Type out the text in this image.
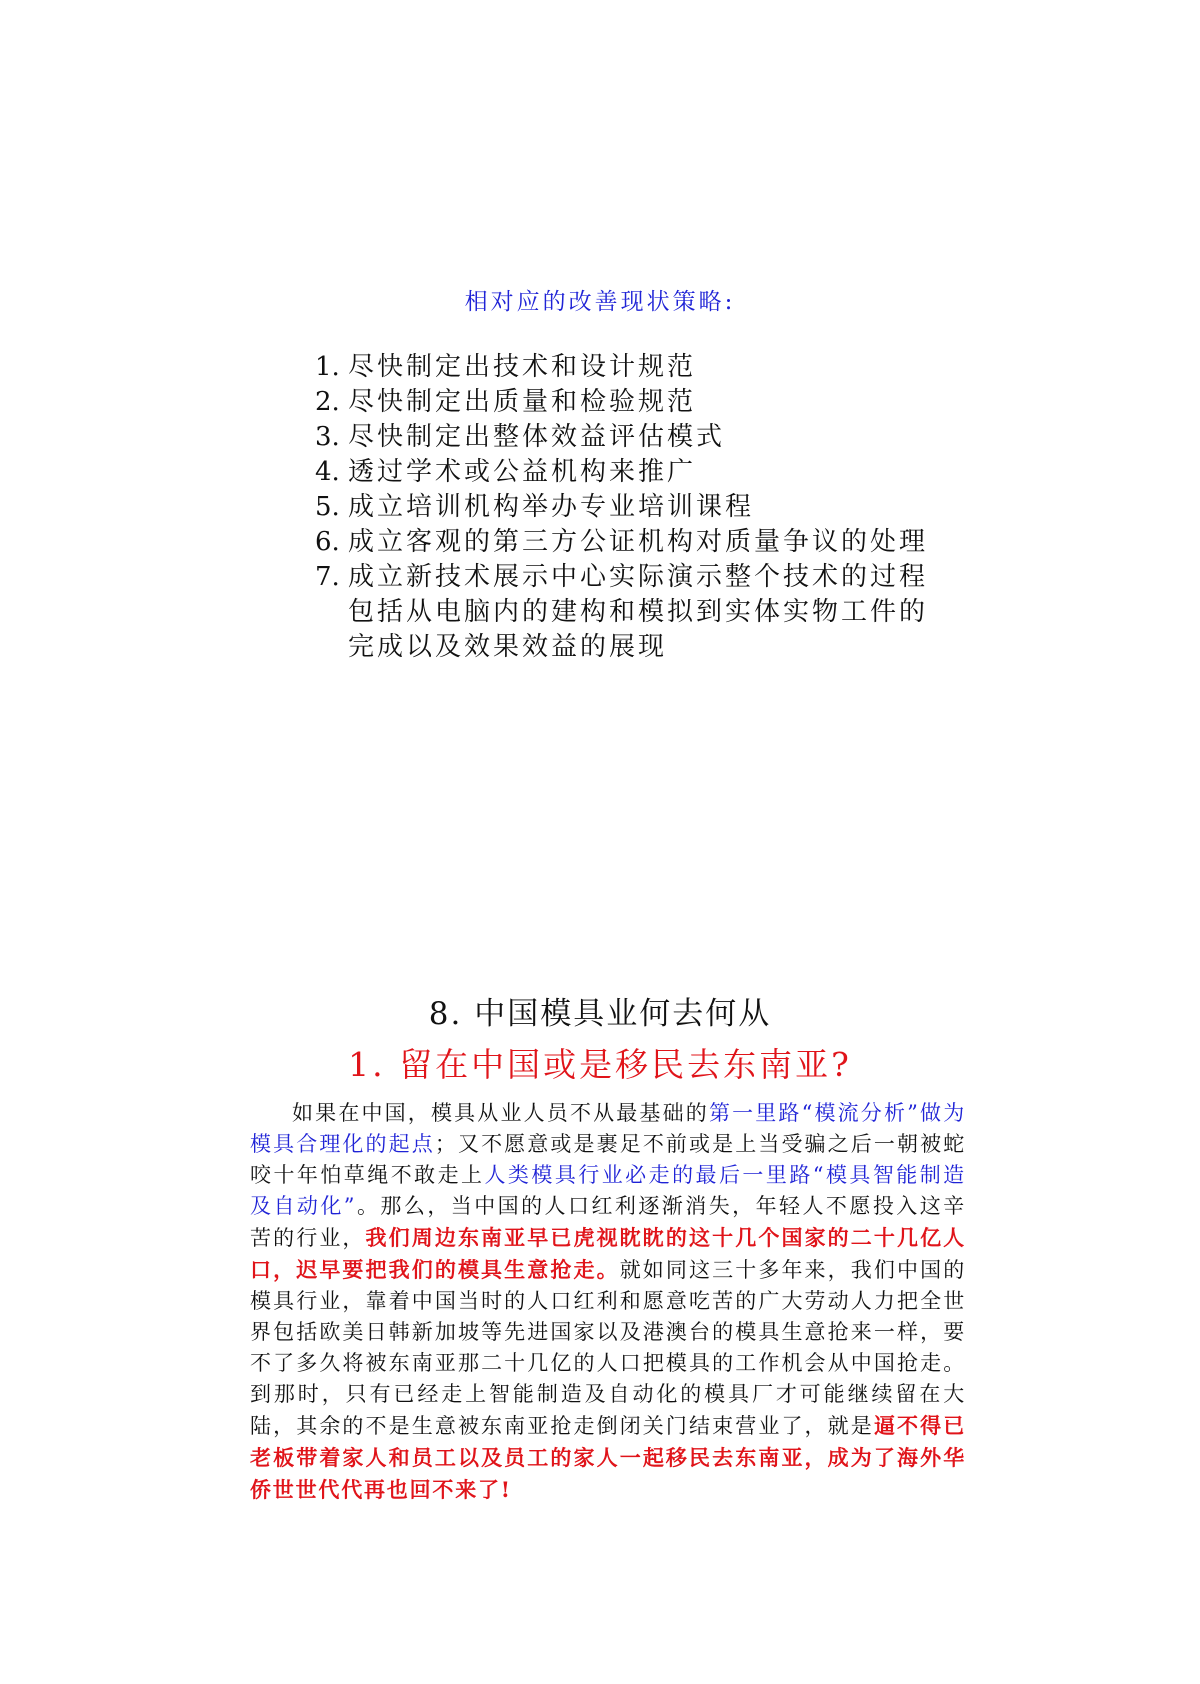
相对应的改善现状策略:
1. 尽快制定出技术和设计规范
2. 尽快制定出质量和检验规范
3. 尽快制定出整体效益评估模式
4. 透过学术或公益机构来推广
5. 成立培训机构举办专业培训课程
6. 成立客观的第三方公证机构对质量争议的处理
7. 成立新技术展示中心实际演示整个技术的过程包括从电脑内的建构和模拟到实体实物工件的完成以及效果效益的展现
8. 中国模具业何去何从
1. 留在中国或是移民去东南亚?

如果在中国，模具从业人员不从最基础的第一里路“模流分析”做为模具合理化的起点；又不愿意或是裹足不前或是上当受骗之后一朝被蛇咬十年怕草绳不敢走上人类模具行业必走的最后一里路“模具智能制造及自动化”。那么，当中国的人口红利逐渐消失，年轻人不愿投入这辛苦的行业，我们周边东南亚早已虎视眈眈的这十几个国家的二十几亿人口，迟早要把我们的模具生意抢走。就如同这三十多年来，我们中国的模具行业，靠着中国当时的人口红利和愿意吃苦的广大劳动人力把全世界包括欧美日韩新加坡等先进国家以及港澳台的模具生意抢来一样，要不了多久将被东南亚那二十几亿的人口把模具的工作机会从中国抢走。到那时，只有已经走上智能制造及自动化的模具厂才可能继续留在大陆，其余的不是生意被东南亚抢走倒闭关门结束营业了，就是逼不得已老板带着家人和员工以及员工的家人一起移民去东南亚，成为了海外华侨世世代代再也回不来了!
